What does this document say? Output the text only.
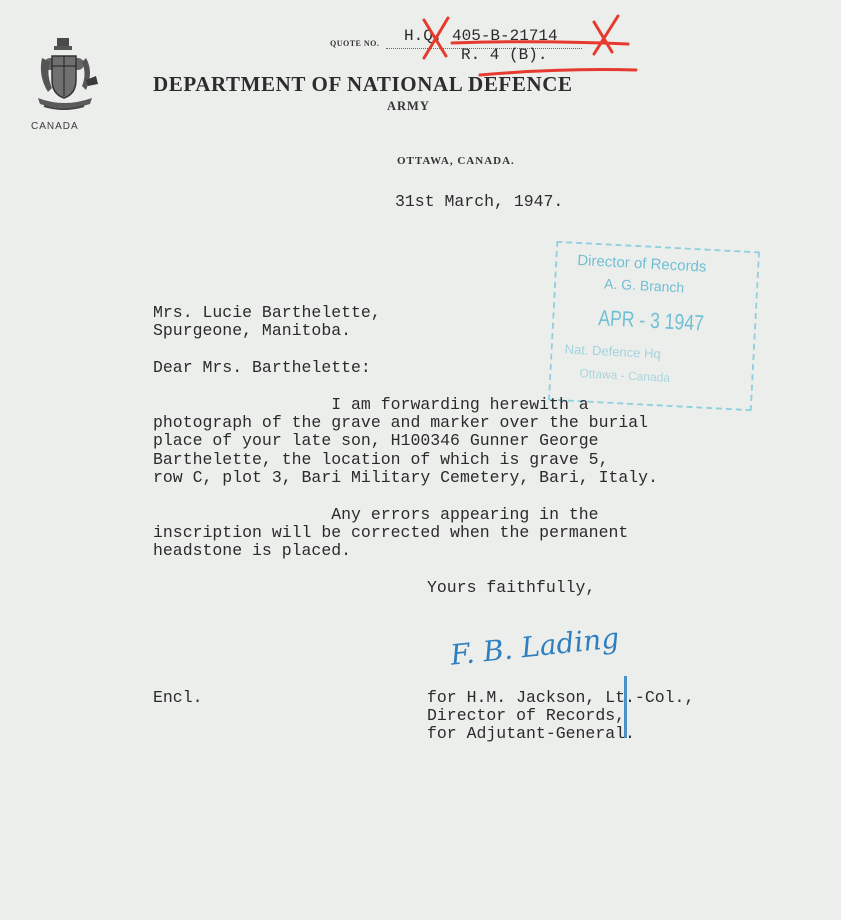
CANADA
QUOTE NO. H.Q. 405-B-21714
R. 4 (B).
DEPARTMENT OF NATIONAL DEFENCE
ARMY
OTTAWA, CANADA.
31st March, 1947.
Director of Records
A. G. Branch
APR - 3 1947
Nat. Defence Hq
Ottawa - Canada
Mrs. Lucie Barthelette,
Spurgeone, Manitoba.
Dear Mrs. Barthelette:
I am forwarding herewith a
photograph of the grave and marker over the burial
place of your late son, H100346 Gunner George
Barthelette, the location of which is grave 5,
row C, plot 3, Bari Military Cemetery, Bari, Italy.
Any errors appearing in the
inscription will be corrected when the permanent
headstone is placed.
Yours faithfully,
F. B. Lading
Encl.	for H.M. Jackson, Lt.-Col.,
Director of Records,
for Adjutant-General.
